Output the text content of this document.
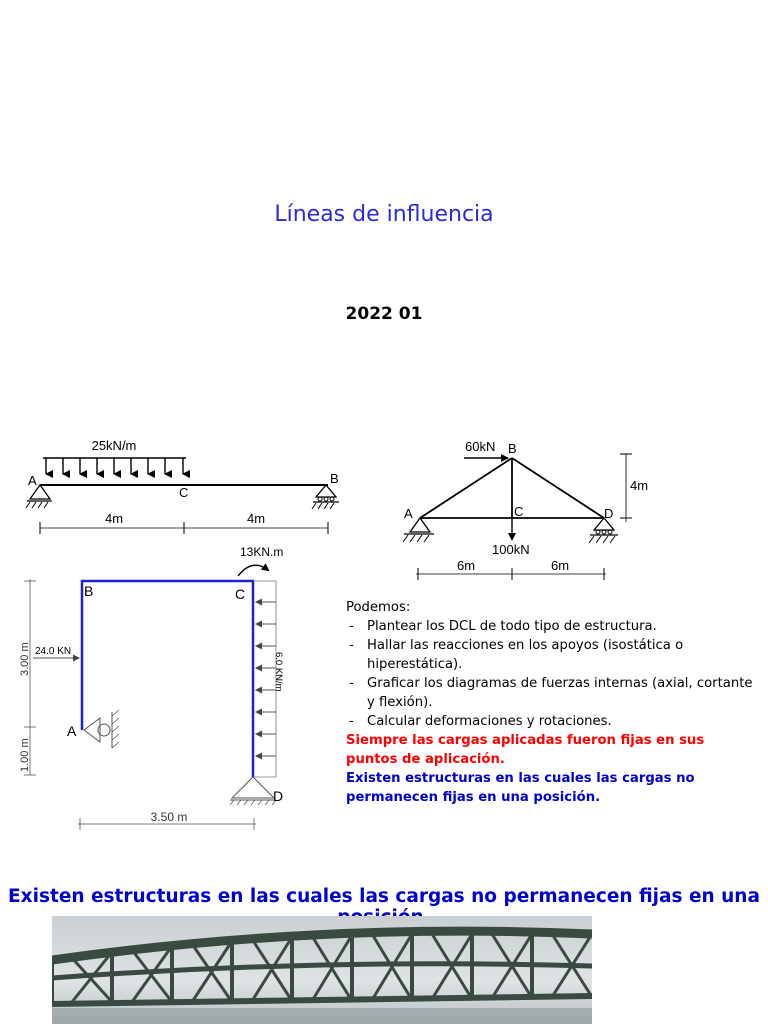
Líneas de influencia
2022 01
25kN/m
A	B
C
4m	4m
60kN
A
B
C	D
100kN
4m
6m	6m
13KN.m
6.0 KN/m
24.0 KN
A
B	C
D
3.00 m
1.00 m
3.50 m
Podemos:
- Plantear los DCL de todo tipo de estructura.
- Hallar las reacciones en los apoyos (isostática o hiperestática).
- Graficar los diagramas de fuerzas internas (axial, cortante y flexión).
- Calcular deformaciones y rotaciones.
Siempre las cargas aplicadas fueron fijas en sus puntos de aplicación.
Existen estructuras en las cuales las cargas no permanecen fijas en una posición.
Existen estructuras en las cuales las cargas no permanecen fijas en una
